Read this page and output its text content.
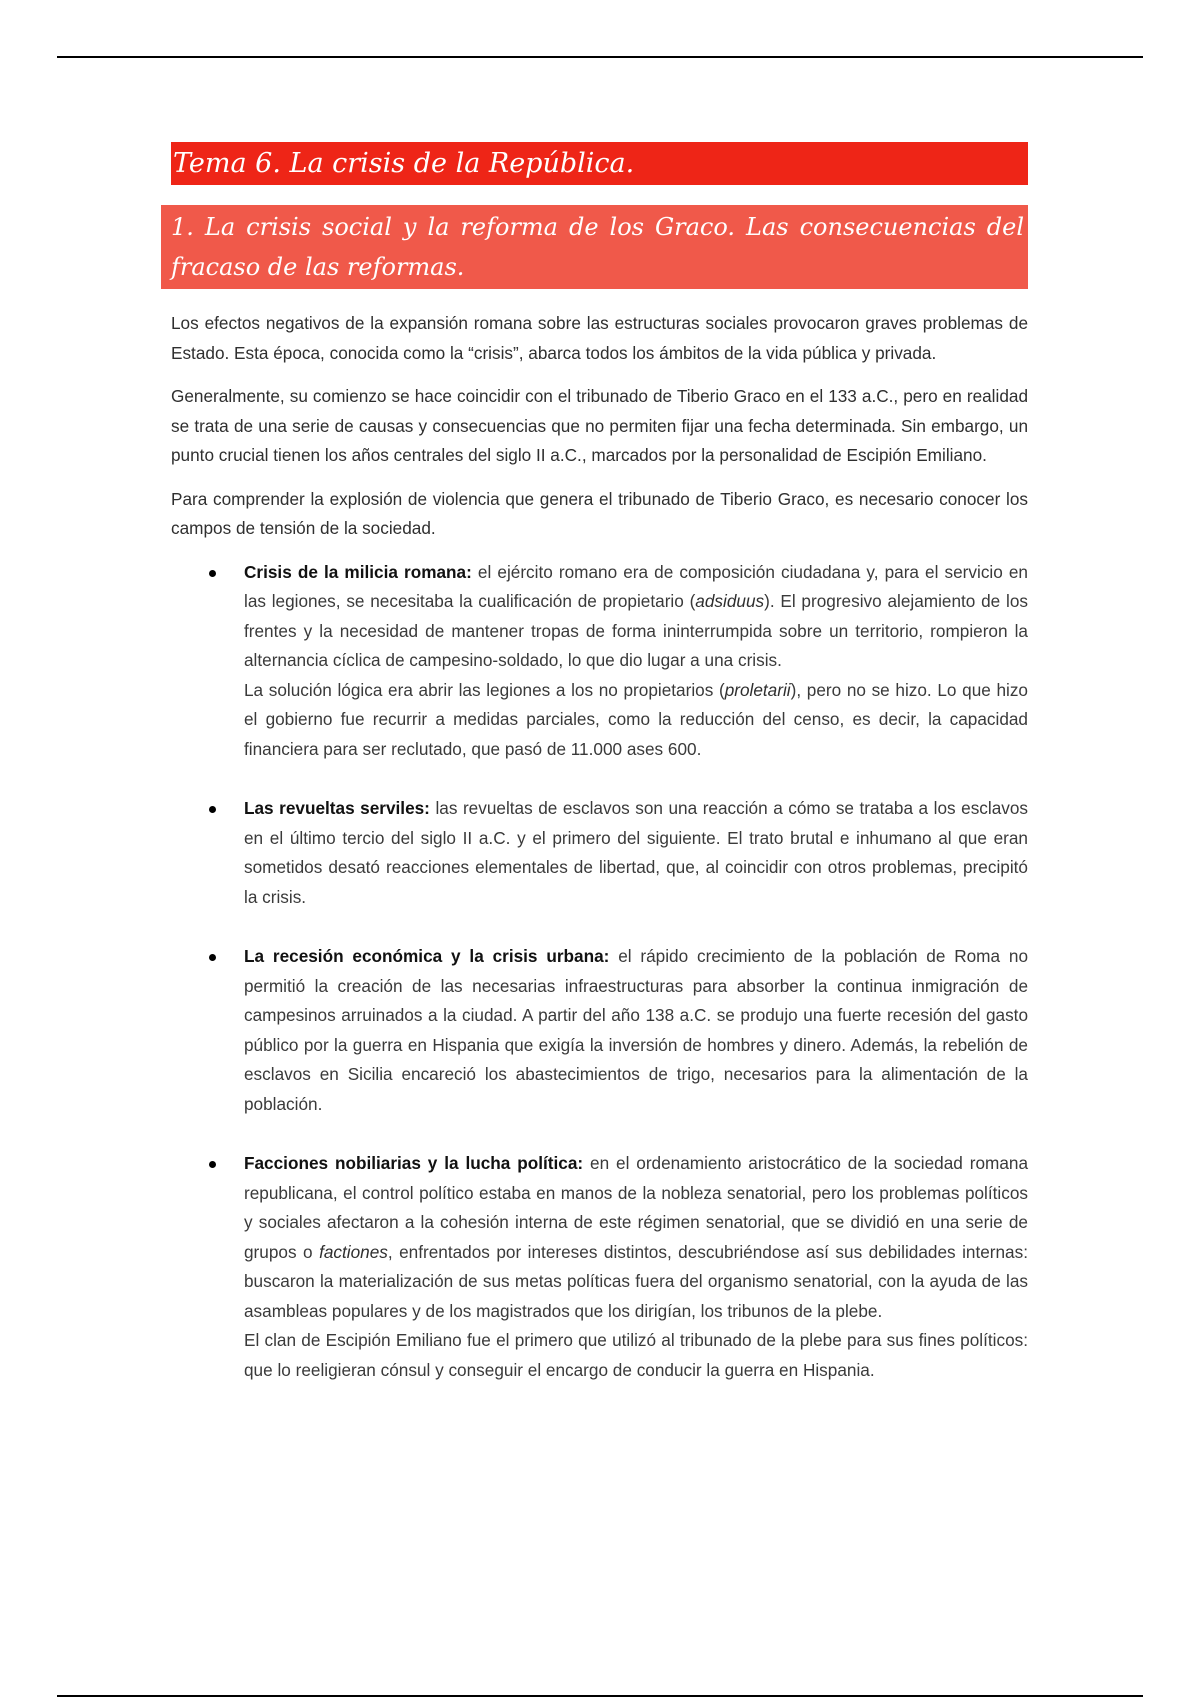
Tema 6. La crisis de la República.
1. La crisis social y la reforma de los Graco. Las consecuencias del fracaso de las reformas.

Los efectos negativos de la expansión romana sobre las estructuras sociales provocaron graves problemas de Estado. Esta época, conocida como la “crisis”, abarca todos los ámbitos de la vida pública y privada.

Generalmente, su comienzo se hace coincidir con el tribunado de Tiberio Graco en el 133 a.C., pero en realidad se trata de una serie de causas y consecuencias que no permiten fijar una fecha determinada. Sin embargo, un punto crucial tienen los años centrales del siglo II a.C., marcados por la personalidad de Escipión Emiliano.

Para comprender la explosión de violencia que genera el tribunado de Tiberio Graco, es necesario conocer los campos de tensión de la sociedad.

Crisis de la milicia romana: el ejército romano era de composición ciudadana y, para el servicio en las legiones, se necesitaba la cualificación de propietario (adsiduus). El progresivo alejamiento de los frentes y la necesidad de mantener tropas de forma ininterrumpida sobre un territorio, rompieron la alternancia cíclica de campesino-soldado, lo que dio lugar a una crisis.

La solución lógica era abrir las legiones a los no propietarios (proletarii), pero no se hizo. Lo que hizo el gobierno fue recurrir a medidas parciales, como la reducción del censo, es decir, la capacidad financiera para ser reclutado, que pasó de 11.000 ases 600.

Las revueltas serviles: las revueltas de esclavos son una reacción a cómo se trataba a los esclavos en el último tercio del siglo II a.C. y el primero del siguiente. El trato brutal e inhumano al que eran sometidos desató reacciones elementales de libertad, que, al coincidir con otros problemas, precipitó la crisis.

La recesión económica y la crisis urbana: el rápido crecimiento de la población de Roma no permitió la creación de las necesarias infraestructuras para absorber la continua inmigración de campesinos arruinados a la ciudad. A partir del año 138 a.C. se produjo una fuerte recesión del gasto público por la guerra en Hispania que exigía la inversión de hombres y dinero. Además, la rebelión de esclavos en Sicilia encareció los abastecimientos de trigo, necesarios para la alimentación de la población.

Facciones nobiliarias y la lucha política: en el ordenamiento aristocrático de la sociedad romana republicana, el control político estaba en manos de la nobleza senatorial, pero los problemas políticos y sociales afectaron a la cohesión interna de este régimen senatorial, que se dividió en una serie de grupos o factiones, enfrentados por intereses distintos, descubriéndose así sus debilidades internas: buscaron la materialización de sus metas políticas fuera del organismo senatorial, con la ayuda de las asambleas populares y de los magistrados que los dirigían, los tribunos de la plebe.

El clan de Escipión Emiliano fue el primero que utilizó al tribunado de la plebe para sus fines políticos: que lo reeligieran cónsul y conseguir el encargo de conducir la guerra en Hispania.
